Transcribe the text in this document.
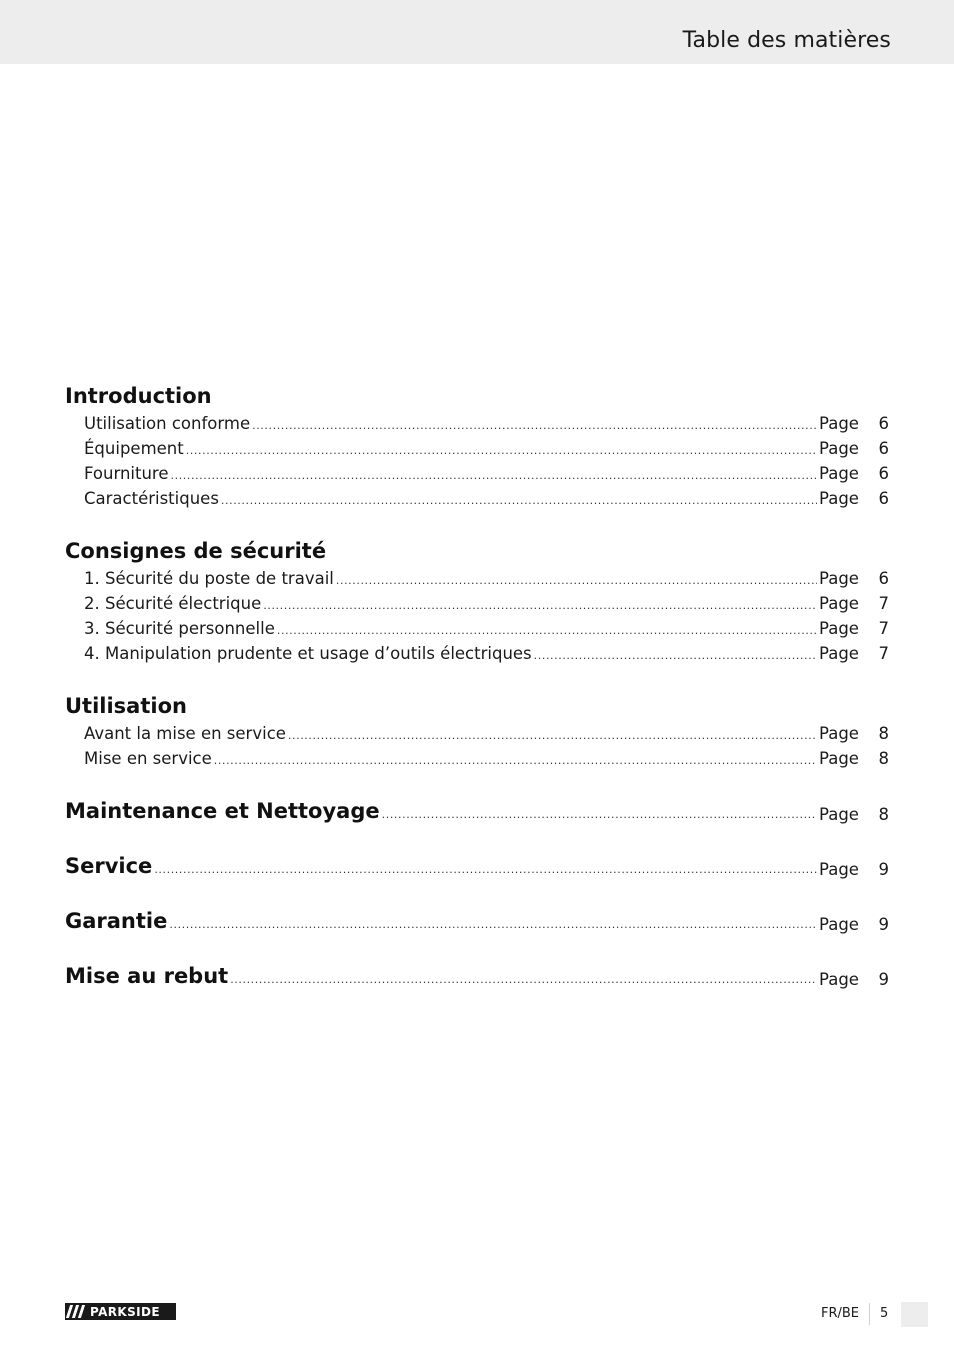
Table des matières
Introduction
Utilisation conforme .....	Page	6
Équipement .....	Page	6
Fourniture .....	Page	6
Caractéristiques .....	Page	6
Consignes de sécurité
1. Sécurité du poste de travail .....	Page	6
2. Sécurité électrique .....	Page	7
3. Sécurité personnelle .....	Page	7
4. Manipulation prudente et usage d’outils électriques .....	Page	7
Utilisation
Avant la mise en service .....	Page	8
Mise en service .....	Page	8
Maintenance et Nettoyage .....	Page	8
Service .....	Page	9
Garantie .....	Page	9
Mise au rebut .....	Page	9
PARKSIDE	FR/BE 5
